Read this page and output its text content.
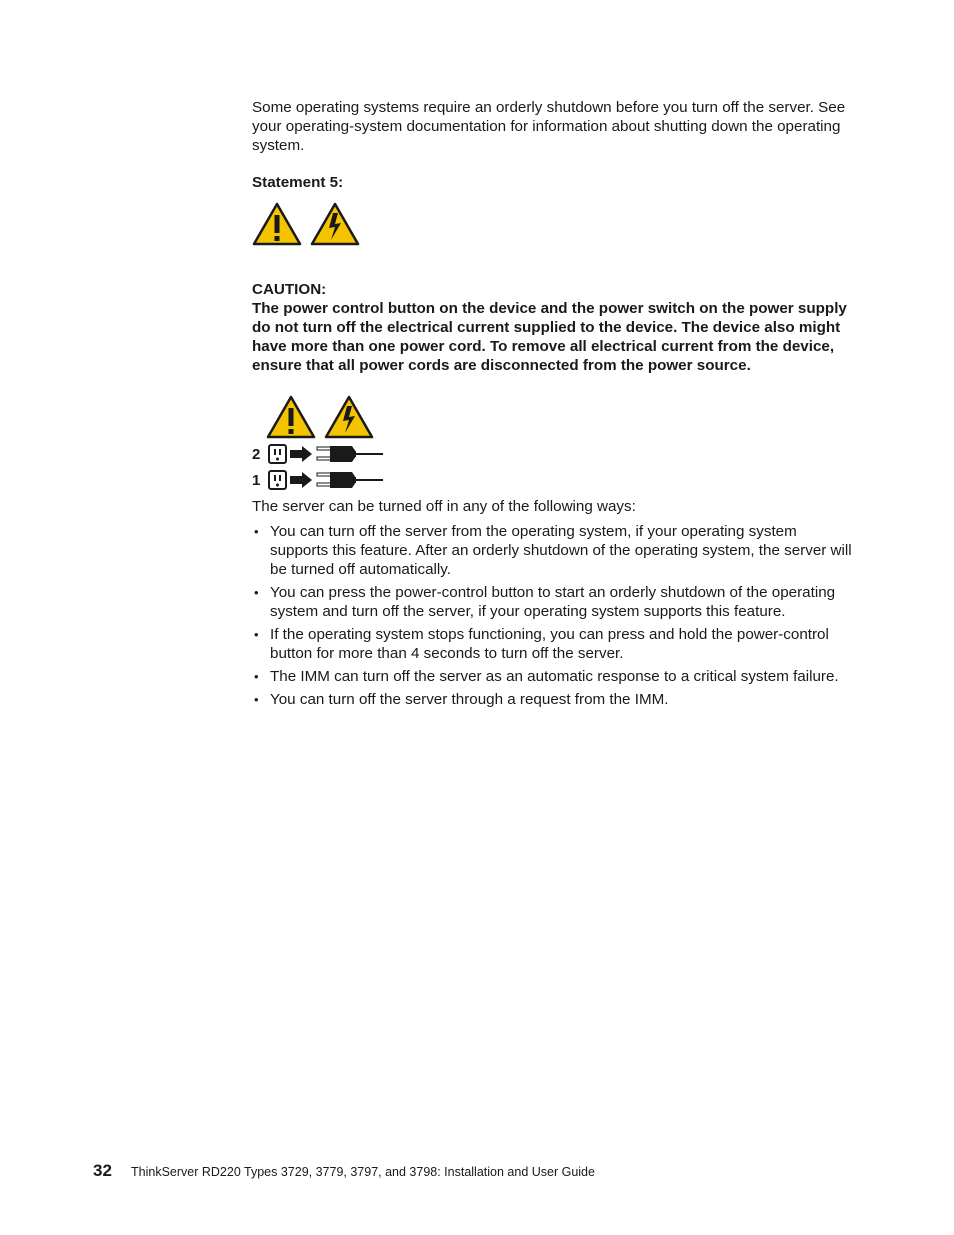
Some operating systems require an orderly shutdown before you turn off the server. See your operating-system documentation for information about shutting down the operating system.

Statement 5:

CAUTION:

The power control button on the device and the power switch on the power supply do not turn off the electrical current supplied to the device. The device also might have more than one power cord. To remove all electrical current from the device, ensure that all power cords are disconnected from the power source.

2
1

The server can be turned off in any of the following ways:

• You can turn off the server from the operating system, if your operating system supports this feature. After an orderly shutdown of the operating system, the server will be turned off automatically.
• You can press the power-control button to start an orderly shutdown of the operating system and turn off the server, if your operating system supports this feature.
• If the operating system stops functioning, you can press and hold the power-control button for more than 4 seconds to turn off the server.
• The IMM can turn off the server as an automatic response to a critical system failure.
• You can turn off the server through a request from the IMM.
32	ThinkServer RD220 Types 3729, 3779, 3797, and 3798: Installation and User Guide
